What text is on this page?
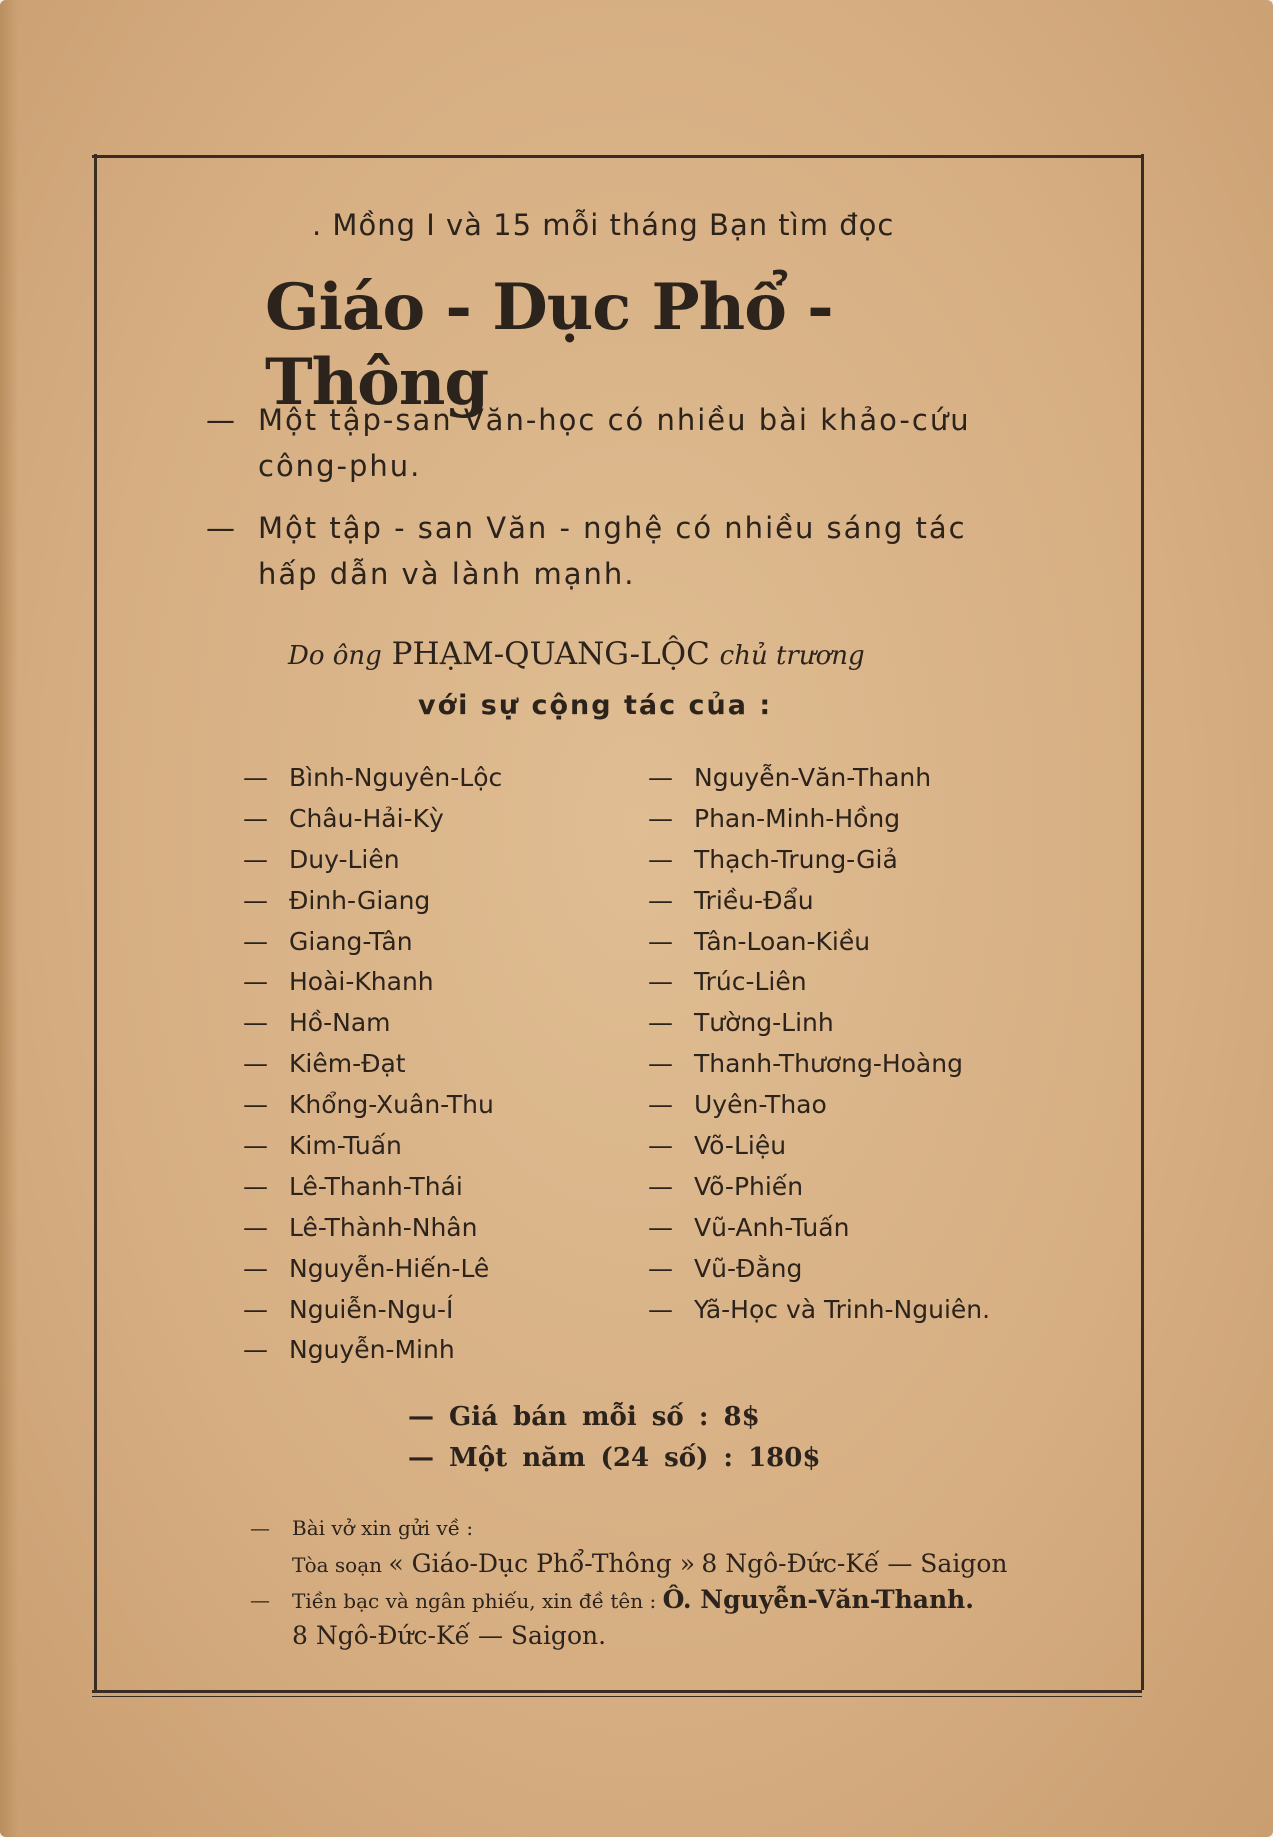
. Mồng I và 15 mỗi tháng Bạn tìm đọc
Giáo - Dục Phổ - Thông
— Một tập-san Văn-học có nhiều bài khảo-cứu công-phu.
— Một tập - san Văn - nghệ có nhiều sáng tác hấp dẫn và lành mạnh.
Do ông PHẠM-QUANG-LỘC chủ trương
với sự cộng tác của :
— Bình-Nguyên-Lộc
— Châu-Hải-Kỳ
— Duy-Liên
— Đinh-Giang
— Giang-Tân
— Hoài-Khanh
— Hồ-Nam
— Kiêm-Đạt
— Khổng-Xuân-Thu
— Kim-Tuấn
— Lê-Thanh-Thái
— Lê-Thành-Nhân
— Nguyễn-Hiến-Lê
— Nguiễn-Ngu-Í
— Nguyễn-Minh
— Nguyễn-Văn-Thanh
— Phan-Minh-Hồng
— Thạch-Trung-Giả
— Triều-Đẩu
— Tân-Loan-Kiều
— Trúc-Liên
— Tường-Linh
— Thanh-Thương-Hoàng
— Uyên-Thao
— Võ-Liệu
— Võ-Phiến
— Vũ-Anh-Tuấn
— Vũ-Đằng
— Yã-Học và Trinh-Nguiên.
— Giá bán mỗi số : 8$
— Một năm (24 số) : 180$
— Bài vở xin gửi về :
Tòa soạn « Giáo-Dục Phổ-Thông » 8 Ngô-Đức-Kế — Saigon
— Tiền bạc và ngân phiếu, xin đề tên : Ô. Nguyễn-Văn-Thanh.
8 Ngô-Đức-Kế — Saigon.
